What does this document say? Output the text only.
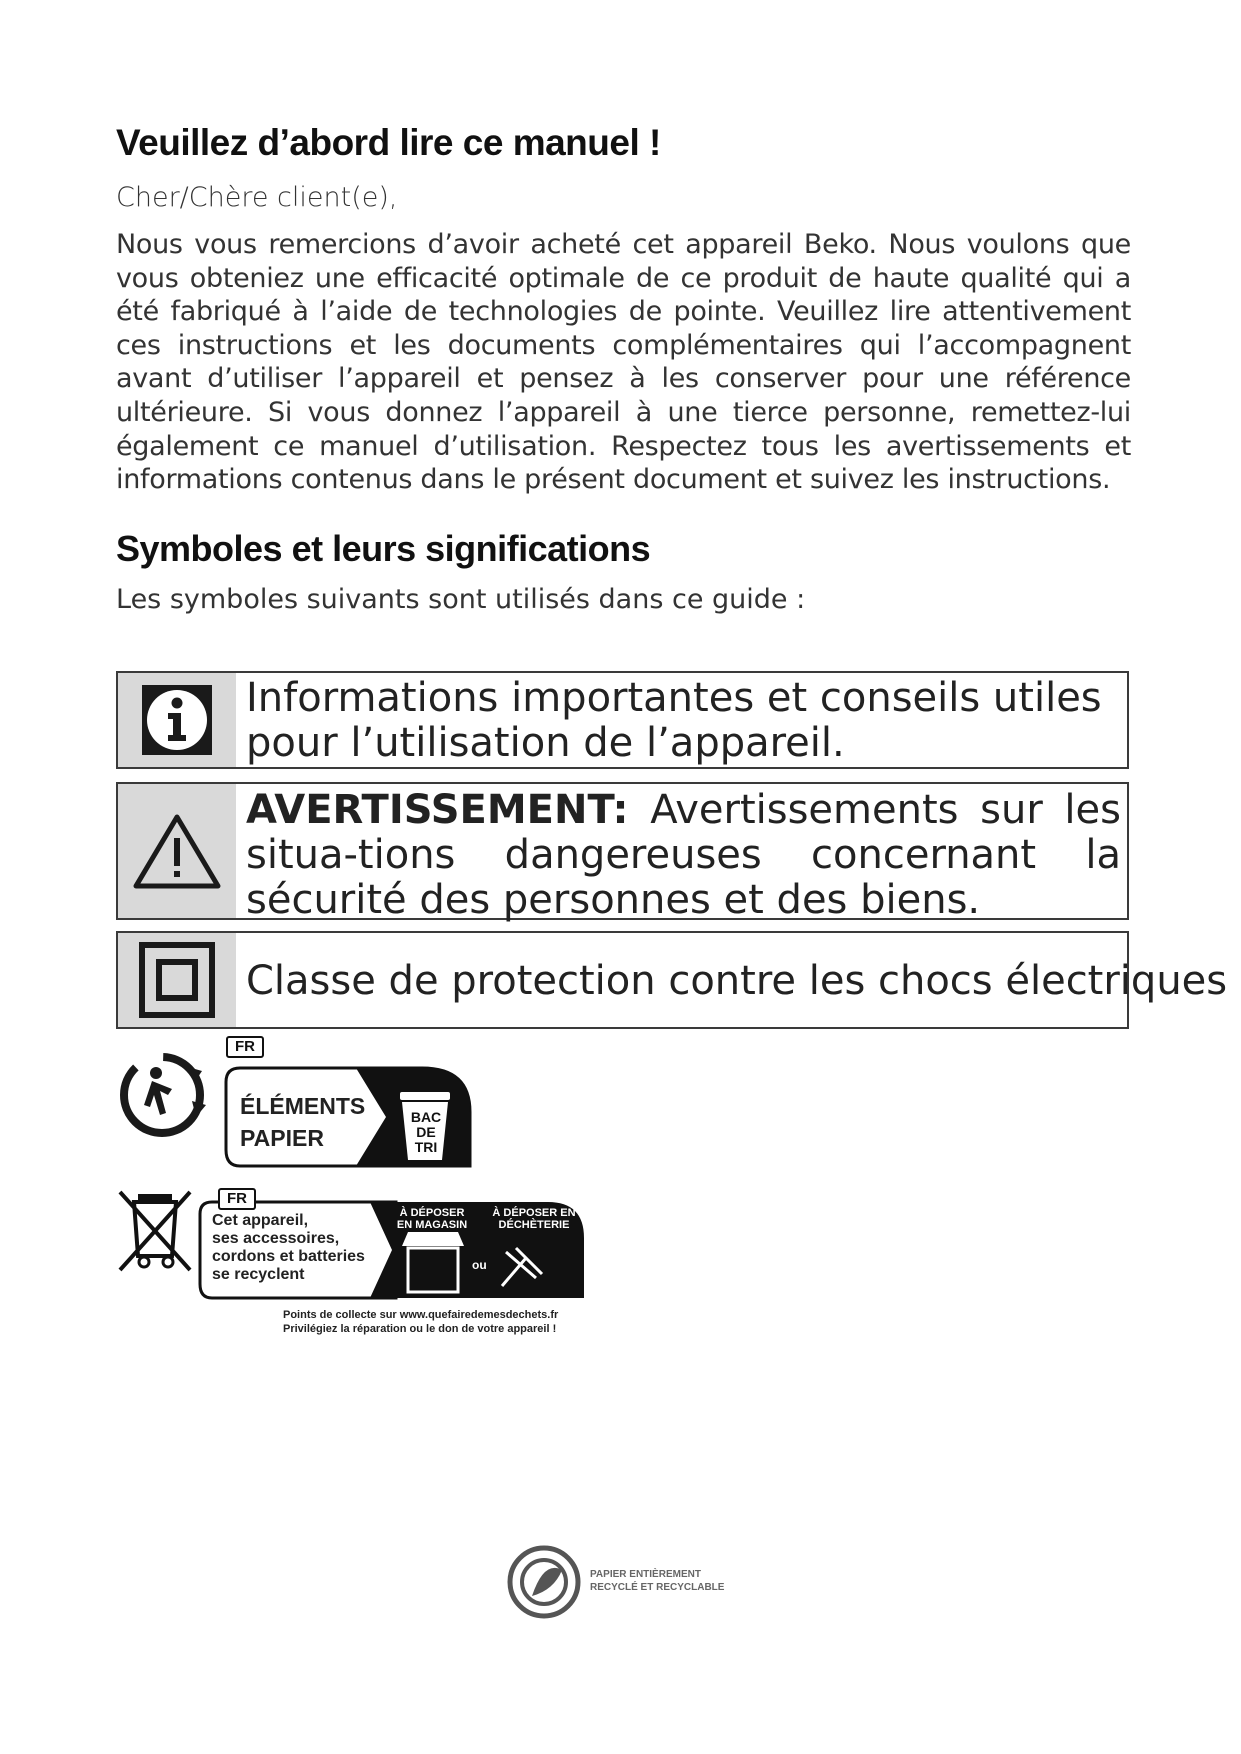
Veuillez d’abord lire ce manuel !
Cher/Chère client(e),

Nous vous remercions d’avoir acheté cet appareil Beko. Nous voulons que vous obteniez une efficacité optimale de ce produit de haute qualité qui a été fabriqué à l’aide de technologies de pointe. Veuillez lire attentivement ces instructions et les documents complémentaires qui l’accompagnent avant d’utiliser l’appareil et pensez à les conserver pour une référence ultérieure. Si vous donnez l’appareil à une tierce personne, remettez-lui également ce manuel d’utilisation. Respectez tous les avertissements et informations contenus dans le présent document et suivez les instructions.

Symboles et leurs significations
Les symboles suivants sont utilisés dans ce guide :
Informations importantes et conseils utiles pour l’utilisation de l’appareil.
AVERTISSEMENT: Avertissements sur les situa-tions dangereuses concernant la sécurité des personnes et des biens.
Classe de protection contre les chocs électriques
FR
ÉLÉMENTS
PAPIER
BAC DE TRI
FR
Cet appareil,
ses accessoires,
cordons et batteries
se recyclent
À DÉPOSER EN MAGASIN
À DÉPOSER EN DÉCHÈTERIE
ou
Points de collecte sur www.quefairedemesdechets.fr
Privilégiez la réparation ou le don de votre appareil !
PAPIER ENTIÈREMENT
RECYCLÉ ET RECYCLABLE
